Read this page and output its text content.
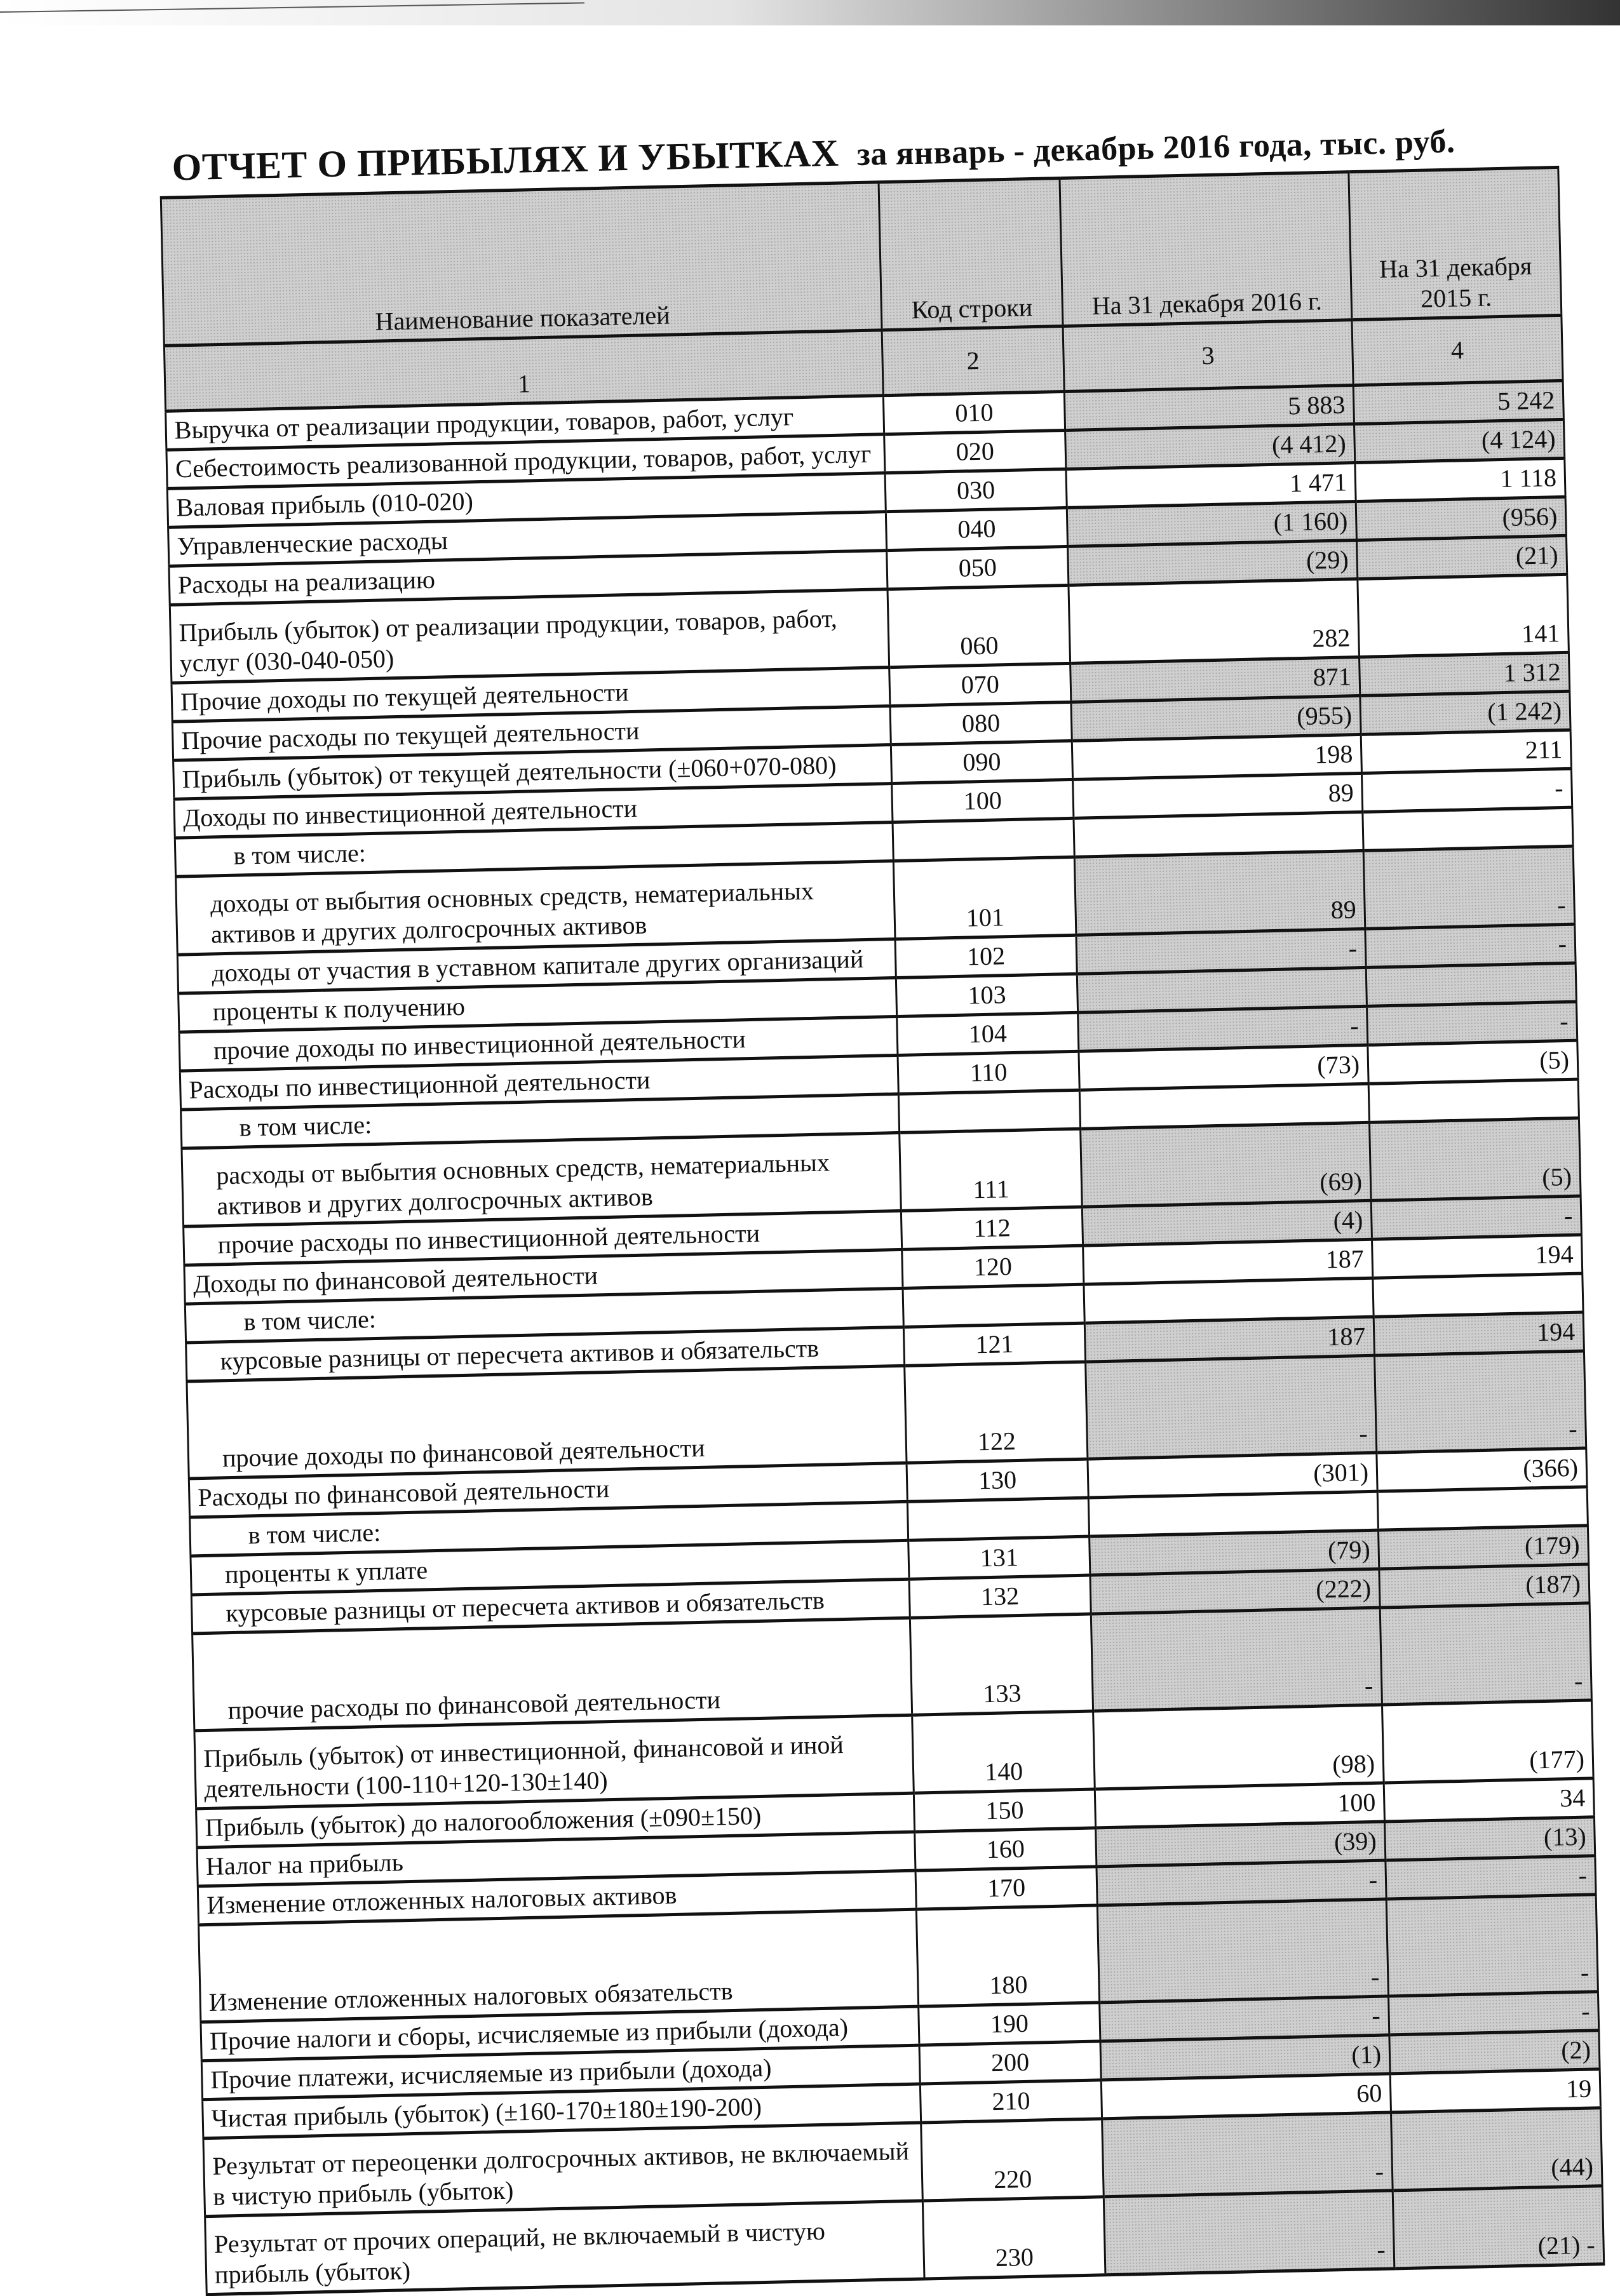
ОТЧЕТ О ПРИБЫЛЯХ И УБЫТКАХ за январь - декабрь 2016 года, тыс. руб.
Наименование показателей	Код строки	На 31 декабря 2016 г.	На 31 декабря 2015 г.
1	2	3	4
Выручка от реализации продукции, товаров, работ, услуг	010	5 883	5 242
Себестоимость реализованной продукции, товаров, работ, услуг	020	(4 412)	(4 124)
Валовая прибыль (010-020)	030	1 471	1 118
Управленческие расходы	040	(1 160)	(956)
Расходы на реализацию	050	(29)	(21)
Прибыль (убыток) от реализации продукции, товаров, работ, услуг (030-040-050)	060	282	141
Прочие доходы по текущей деятельности	070	871	1 312
Прочие расходы по текущей деятельности	080	(955)	(1 242)
Прибыль (убыток) от текущей деятельности (±060+070-080)	090	198	211
Доходы по инвестиционной деятельности	100	89	-
в том числе:			
доходы от выбытия основных средств, нематериальных активов и других долгосрочных активов	101	89	-
доходы от участия в уставном капитале других организаций	102	-	-
проценты к получению	103		
прочие доходы по инвестиционной деятельности	104	-	-
Расходы по инвестиционной деятельности	110	(73)	(5)
в том числе:			
расходы от выбытия основных средств, нематериальных активов и других долгосрочных активов	111	(69)	(5)
прочие расходы по инвестиционной деятельности	112	(4)	-
Доходы по финансовой деятельности	120	187	194
в том числе:			
курсовые разницы от пересчета активов и обязательств	121	187	194
прочие доходы по финансовой деятельности	122	-	-
Расходы по финансовой деятельности	130	(301)	(366)
в том числе:			
проценты к уплате	131	(79)	(179)
курсовые разницы от пересчета активов и обязательств	132	(222)	(187)
прочие расходы по финансовой деятельности	133	-	-
Прибыль (убыток) от инвестиционной, финансовой и иной деятельности (100-110+120-130±140)	140	(98)	(177)
Прибыль (убыток) до налогообложения (±090±150)	150	100	34
Налог на прибыль	160	(39)	(13)
Изменение отложенных налоговых активов	170	-	-
Изменение отложенных налоговых обязательств	180	-	-
Прочие налоги и сборы, исчисляемые из прибыли (дохода)	190	-	-
Прочие платежи, исчисляемые из прибыли (дохода)	200	(1)	(2)
Чистая прибыль (убыток) (±160-170±180±190-200)	210	60	19
Результат от переоценки долгосрочных активов, не включаемый в чистую прибыль (убыток)	220	-	(44)
Результат от прочих операций, не включаемый в чистую прибыль (убыток)	230	-	(21) -
